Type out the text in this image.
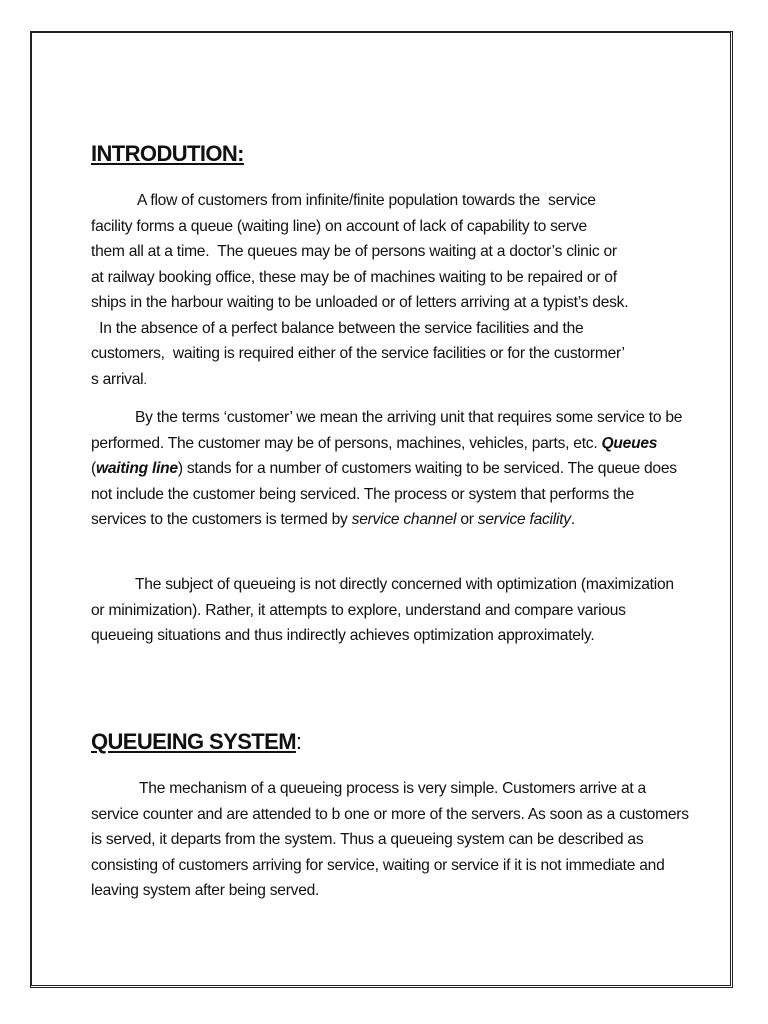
INTRODUTION:

A flow of customers from infinite/finite population towards the  service
facility forms a queue (waiting line) on account of lack of capability to serve
them all at a time.  The queues may be of persons waiting at a doctor’s clinic or
at railway booking office, these may be of machines waiting to be repaired or of
ships in the harbour waiting to be unloaded or of letters arriving at a typist’s desk.
In the absence of a perfect balance between the service facilities and the
customers,  waiting is required either of the service facilities or for the custormer’
s arrival.

By the terms ‘customer’ we mean the arriving unit that requires some service to be performed. The customer may be of persons, machines, vehicles, parts, etc. Queues (waiting line) stands for a number of customers waiting to be serviced. The queue does not include the customer being serviced. The process or system that performs the services to the customers is termed by service channel or service facility.

The subject of queueing is not directly concerned with optimization (maximization or minimization). Rather, it attempts to explore, understand and compare various queueing situations and thus indirectly achieves optimization approximately.

QUEUEING SYSTEM:

The mechanism of a queueing process is very simple. Customers arrive at a service counter and are attended to b one or more of the servers. As soon as a customers is served, it departs from the system. Thus a queueing system can be described as consisting of customers arriving for service, waiting or service if it is not immediate and leaving system after being served.
